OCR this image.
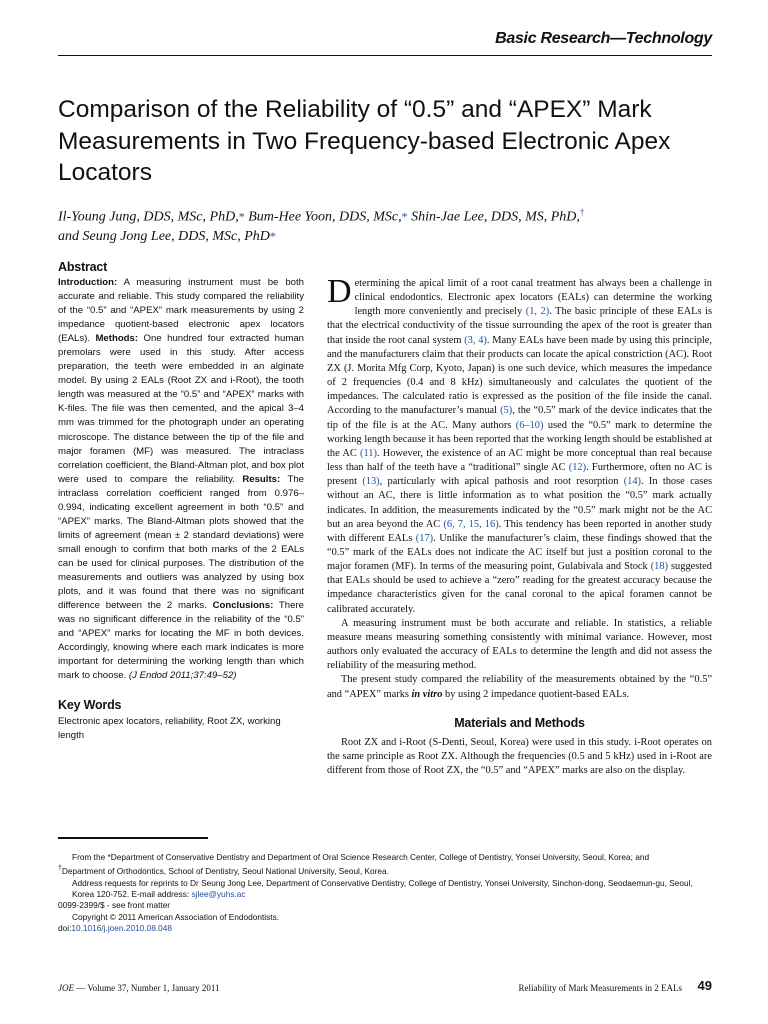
Basic Research—Technology
Comparison of the Reliability of “0.5” and “APEX” Mark Measurements in Two Frequency-based Electronic Apex Locators
Il-Young Jung, DDS, MSc, PhD,* Bum-Hee Yoon, DDS, MSc,* Shin-Jae Lee, DDS, MS, PhD,†
and Seung Jong Lee, DDS, MSc, PhD*
Abstract

Introduction: A measuring instrument must be both accurate and reliable. This study compared the reliability of the “0.5” and “APEX” mark measurements by using 2 impedance quotient-based electronic apex locators (EALs). Methods: One hundred four extracted human premolars were used in this study. After access preparation, the teeth were embedded in an alginate model. By using 2 EALs (Root ZX and i-Root), the tooth length was measured at the “0.5” and “APEX” marks with K-files. The file was then cemented, and the apical 3–4 mm was trimmed for the photograph under an operating microscope. The distance between the tip of the file and major foramen (MF) was measured. The intraclass correlation coefficient, the Bland-Altman plot, and box plot were used to compare the reliability. Results: The intraclass correlation coefficient ranged from 0.976–0.994, indicating excellent agreement in both “0.5” and “APEX” marks. The Bland-Altman plots showed that the limits of agreement (mean ± 2 standard deviations) were small enough to confirm that both marks of the 2 EALs can be used for clinical purposes. The distribution of the measurements and outliers was analyzed by using box plots, and it was found that there was no significant difference between the 2 marks. Conclusions: There was no significant difference in the reliability of the “0.5” and “APEX” marks for locating the MF in both devices. Accordingly, knowing where each mark indicates is more important for determining the working length than which mark to choose. (J Endod 2011;37:49–52)

Key Words

Electronic apex locators, reliability, Root ZX, working length

Determining the apical limit of a root canal treatment has always been a challenge in clinical endodontics. Electronic apex locators (EALs) can determine the working length more conveniently and precisely (1, 2). The basic principle of these EALs is that the electrical conductivity of the tissue surrounding the apex of the root is greater than that inside the root canal system (3, 4). Many EALs have been made by using this principle, and the manufacturers claim that their products can locate the apical constriction (AC). Root ZX (J. Morita Mfg Corp, Kyoto, Japan) is one such device, which measures the impedance of 2 frequencies (0.4 and 8 kHz) simultaneously and calculates the quotient of the impedances. The calculated ratio is expressed as the position of the file inside the canal. According to the manufacturer’s manual (5), the “0.5” mark of the device indicates that the tip of the file is at the AC. Many authors (6–10) used the “0.5” mark to determine the working length because it has been reported that the working length should be established at the AC (11). However, the existence of an AC might be more conceptual than real because less than half of the teeth have a “traditional” single AC (12). Furthermore, often no AC is present (13), particularly with apical pathosis and root resorption (14). In those cases without an AC, there is little information as to what position the “0.5” mark actually indicates. In addition, the measurements indicated by the “0.5” mark might not be the AC but an area beyond the AC (6, 7, 15, 16). This tendency has been reported in another study with different EALs (17). Unlike the manufacturer’s claim, these findings showed that the “0.5” mark of the EALs does not indicate the AC itself but just a position coronal to the major foramen (MF). In terms of the measuring point, Gulabivala and Stock (18) suggested that EALs should be used to achieve a “zero” reading for the greatest accuracy because the impedance characteristics given for the canal coronal to the apical foramen cannot be calibrated accurately.

A measuring instrument must be both accurate and reliable. In statistics, a reliable measure means measuring something consistently with minimal variance. However, most authors only evaluated the accuracy of EALs to determine the length and did not assess the reliability of the measuring method.

The present study compared the reliability of the measurements obtained by the “0.5” and “APEX” marks in vitro by using 2 impedance quotient-based EALs.

Materials and Methods

Root ZX and i-Root (S-Denti, Seoul, Korea) were used in this study. i-Root operates on the same principle as Root ZX. Although the frequencies (0.5 and 5 kHz) used in i-Root are different from those of Root ZX, the “0.5” and “APEX” marks are also on the display.

From the *Department of Conservative Dentistry and Department of Oral Science Research Center, College of Dentistry, Yonsei University, Seoul, Korea; and
†Department of Orthodontics, School of Dentistry, Seoul National University, Seoul, Korea.
Address requests for reprints to Dr Seung Jong Lee, Department of Conservative Dentistry, College of Dentistry, Yonsei University, Sinchon-dong, Seodaemun-gu, Seoul, Korea 120-752. E-mail address: sjlee@yuhs.ac
0099-2399/$ - see front matter
Copyright © 2011 American Association of Endodontists.
doi:10.1016/j.joen.2010.08.048
JOE — Volume 37, Number 1, January 2011	Reliability of Mark Measurements in 2 EALs 49
